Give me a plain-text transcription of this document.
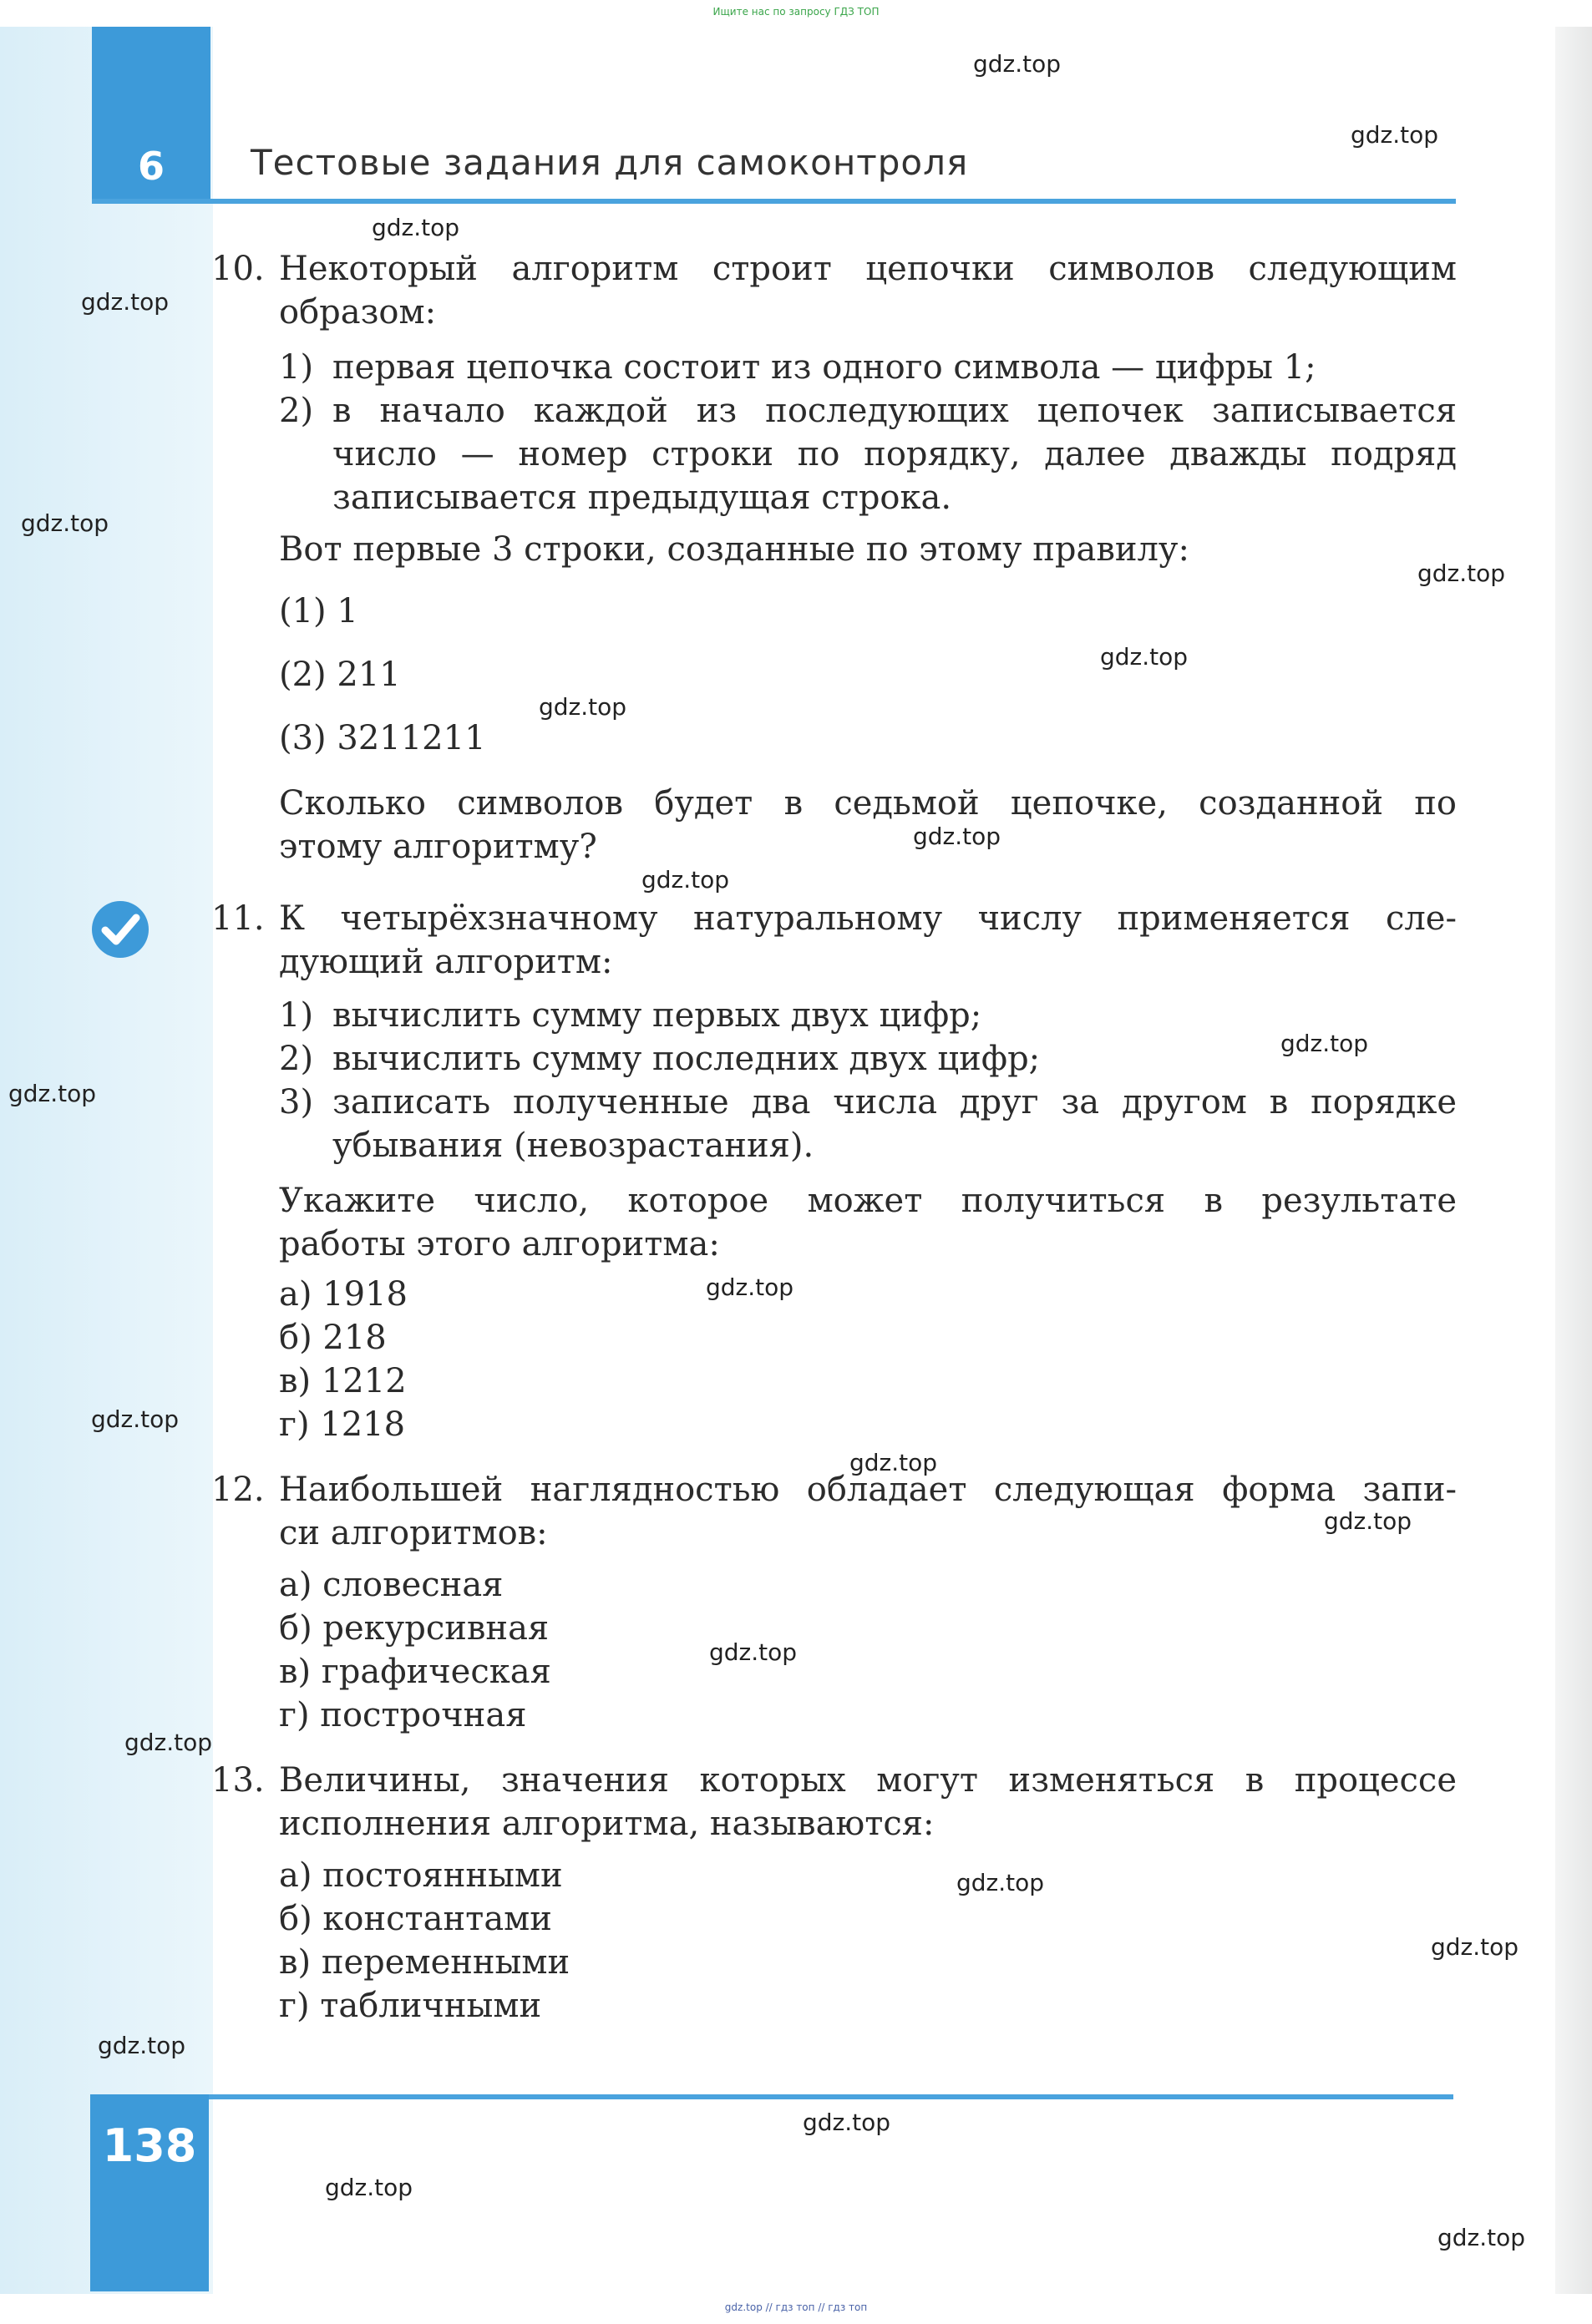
Ищите нас по запросу ГДЗ ТОП
6	Тестовые задания для самоконтроля
10. Некоторый алгоритм строит цепочки символов следующим
образом:
1) первая цепочка состоит из одного символа — цифры 1;
2) в начало каждой из последующих цепочек записывается
число — номер строки по порядку, далее дважды подряд
записывается предыдущая строка.
Вот первые 3 строки, созданные по этому правилу:
(1) 1
(2) 211
(3) 3211211
Сколько символов будет в седьмой цепочке, созданной по
этому алгоритму?
11. К четырёхзначному натуральному числу применяется сле-
дующий алгоритм:
1) вычислить сумму первых двух цифр;
2) вычислить сумму последних двух цифр;
3) записать полученные два числа друг за другом в порядке
убывания (невозрастания).
Укажите число, которое может получиться в результате
работы этого алгоритма:
а) 1918
б) 218
в) 1212
г) 1218
12. Наибольшей наглядностью обладает следующая форма запи-
си алгоритмов:
а) словесная
б) рекурсивная
в) графическая
г) построчная
13. Величины, значения которых могут изменяться в процессе
исполнения алгоритма, называются:
а) постоянными
б) константами
в) переменными
г) табличными
138
gdz.top
gdz.top
gdz.top
gdz.top
gdz.top
gdz.top
gdz.top
gdz.top
gdz.top
gdz.top
gdz.top
gdz.top
gdz.top
gdz.top
gdz.top
gdz.top
gdz.top
gdz.top
gdz.top
gdz.top
gdz.top
gdz.top
gdz.top
gdz.top
gdz.top // гдз топ // гдз топ
